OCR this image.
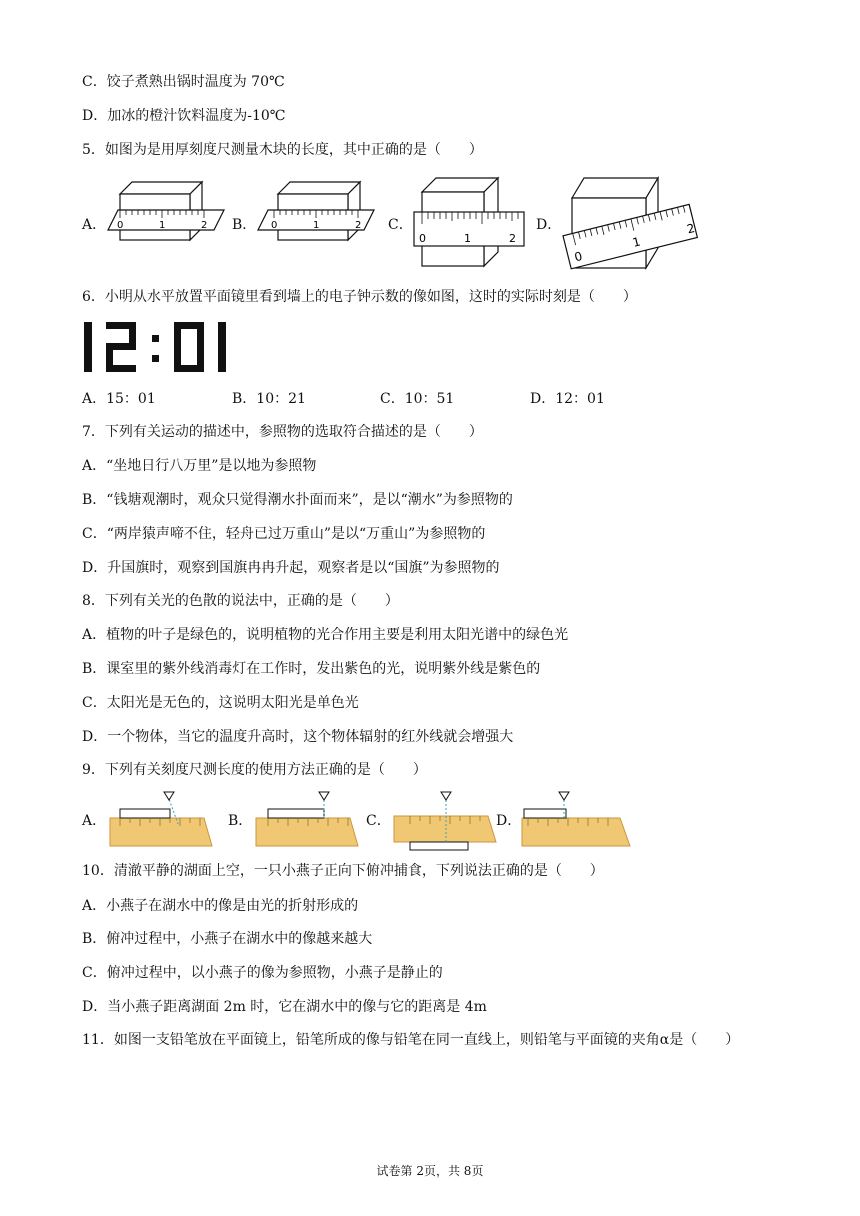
C．饺子煮熟出锅时温度为 70℃
D．加冰的橙汁饮料温度为-10℃
5．如图为是用厚刻度尺测量木块的长度，其中正确的是（　　）
A． 0	1	2 B． 0	1	2 C．
0	1	2
D．
0
1
2
6．小明从水平放置平面镜里看到墙上的电子钟示数的像如图，这时的实际时刻是（　　）
A．15：01	B．10：21	C．10：51	D．12：01
7．下列有关运动的描述中，参照物的选取符合描述的是（　　）
A．“坐地日行八万里”是以地为参照物
B．“钱塘观潮时，观众只觉得潮水扑面而来”，是以“潮水”为参照物的
C．“两岸猿声啼不住，轻舟已过万重山”是以“万重山”为参照物的
D．升国旗时，观察到国旗冉冉升起，观察者是以“国旗”为参照物的
8．下列有关光的色散的说法中，正确的是（　　）
A．植物的叶子是绿色的，说明植物的光合作用主要是利用太阳光谱中的绿色光
B．课室里的紫外线消毒灯在工作时，发出紫色的光，说明紫外线是紫色的
C．太阳光是无色的，这说明太阳光是单色光
D．一个物体，当它的温度升高时，这个物体辐射的红外线就会增强大
9．下列有关刻度尺测长度的使用方法正确的是（　　）
A．	B．	C．	D．
10．清澈平静的湖面上空，一只小燕子正向下俯冲捕食，下列说法正确的是（　　）
A．小燕子在湖水中的像是由光的折射形成的
B．俯冲过程中，小燕子在湖水中的像越来越大
C．俯冲过程中，以小燕子的像为参照物，小燕子是静止的
D．当小燕子距离湖面 2m 时，它在湖水中的像与它的距离是 4m
11．如图一支铅笔放在平面镜上，铅笔所成的像与铅笔在同一直线上，则铅笔与平面镜的夹角α是（　　）
试卷第 2页，共 8页
